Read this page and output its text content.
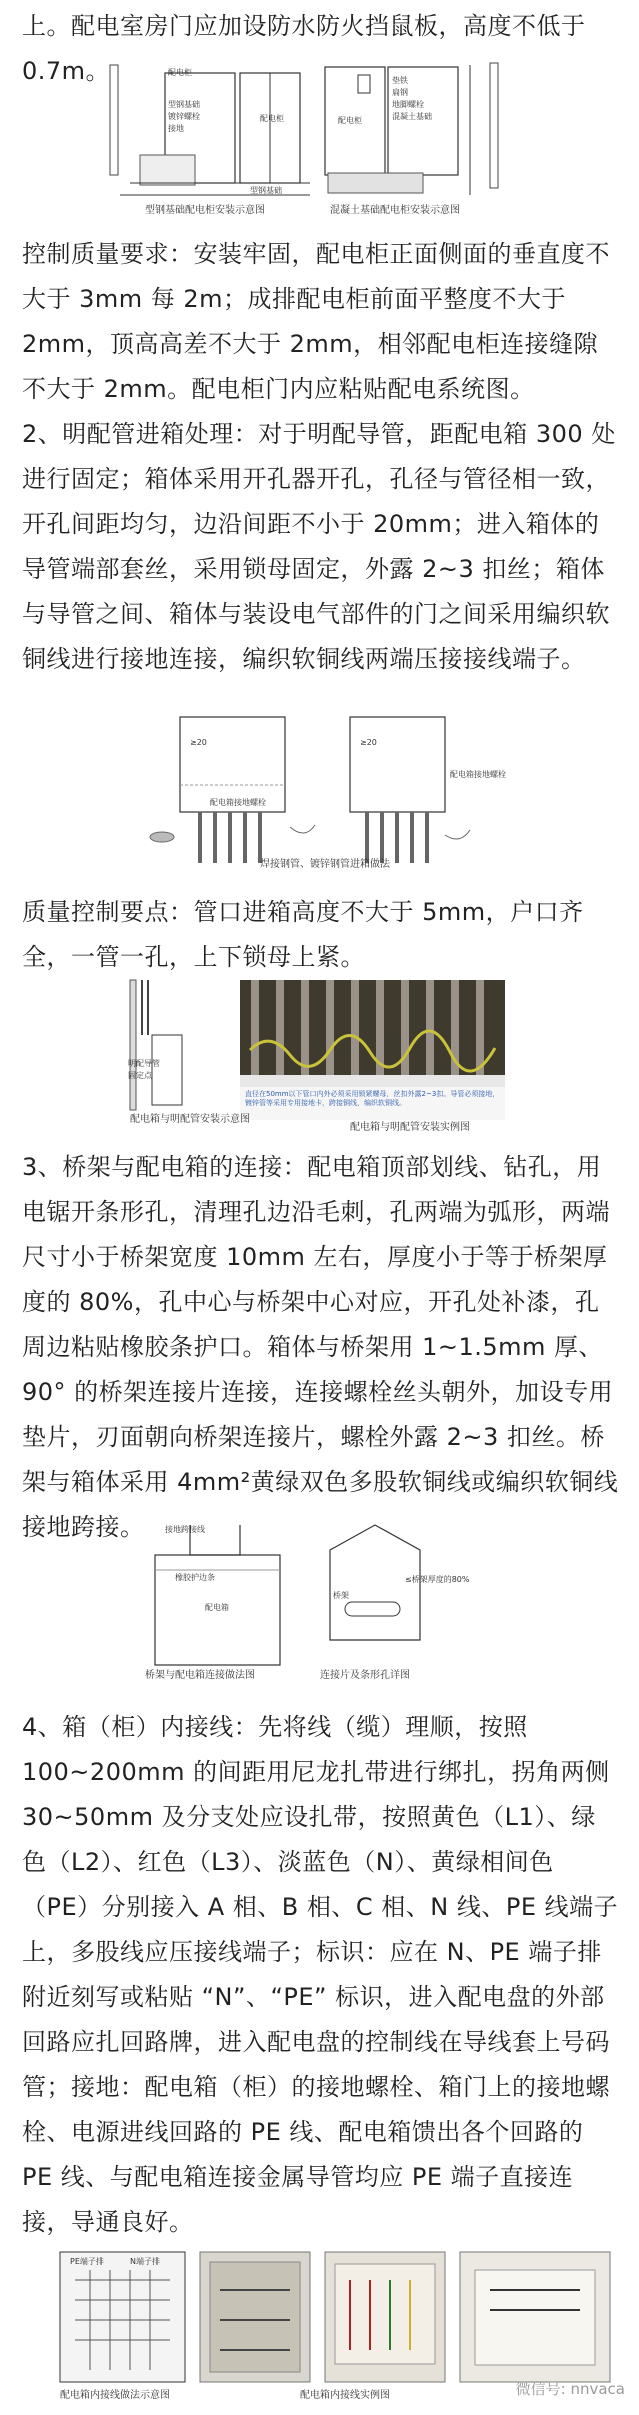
上。配电室房门应加设防水防火挡鼠板，高度不低于 0.7m。	配电柜
型钢基础
镀锌螺栓
接地
配电柜
型钢基础
配电柜
垫铁
扁钢
地脚螺栓
混凝土基础
型钢基础配电柜安装示意图	混凝土基础配电柜安装示意图
控制质量要求：安装牢固，配电柜正面侧面的垂直度不大于 3mm 每 2m；成排配电柜前面平整度不大于 2mm，顶高高差不大于 2mm，相邻配电柜连接缝隙不大于 2mm。配电柜门内应粘贴配电系统图。
2、明配管进箱处理：对于明配导管，距配电箱 300 处进行固定；箱体采用开孔器开孔，孔径与管径相一致，开孔间距均匀，边沿间距不小于 20mm；进入箱体的导管端部套丝，采用锁母固定，外露 2~3 扣丝；箱体与导管之间、箱体与装设电气部件的门之间采用编织软铜线进行接地连接，编织软铜线两端压接接线端子。
≥20
配电箱接地螺栓
≥20
配电箱接地螺栓
焊接钢管、镀锌钢管进箱做法
质量控制要点：管口进箱高度不大于 5mm，户口齐全，一管一孔，上下锁母上紧。
明配导管
固定点
直径在50mm以下管口内外必须采用锁紧螺母，丝扣外露2~3扣。导管必须接地，镀锌管等采用专用接地卡，跨接铜线，编织软铜线。
配电箱与明配管安装示意图
配电箱与明配管安装实例图
3、桥架与配电箱的连接：配电箱顶部划线、钻孔，用电锯开条形孔，清理孔边沿毛刺，孔两端为弧形，两端尺寸小于桥架宽度 10mm 左右，厚度小于等于桥架厚度的 80%，孔中心与桥架中心对应，开孔处补漆，孔周边粘贴橡胶条护口。箱体与桥架用 1~1.5mm 厚、90° 的桥架连接片连接，连接螺栓丝头朝外，加设专用垫片，刃面朝向桥架连接片，螺栓外露 2~3 扣丝。桥架与箱体采用 4mm²黄绿双色多股软铜线或编织软铜线接地跨接。	接地跨接线
橡胶护边条
配电箱
桥架
≤桥架厚度的80%
桥架与配电箱连接做法图	连接片及条形孔详图
4、箱（柜）内接线：先将线（缆）理顺，按照 100~200mm 的间距用尼龙扎带进行绑扎，拐角两侧 30~50mm 及分支处应设扎带，按照黄色（L1）、绿色（L2）、红色（L3）、淡蓝色（N）、黄绿相间色（PE）分别接入 A 相、B 相、C 相、N 线、PE 线端子上，多股线应压接线端子；标识：应在 N、PE 端子排附近刻写或粘贴 “N”、“PE” 标识，进入配电盘的外部回路应扎回路牌，进入配电盘的控制线在导线套上号码管；接地：配电箱（柜）的接地螺栓、箱门上的接地螺栓、电源进线回路的 PE 线、配电箱馈出各个回路的 PE 线、与配电箱连接金属导管均应 PE 端子直接连接，导通良好。
PE端子排	N端子排
配电箱内接线做法示意图	配电箱内接线实例图	微信号: nnvaca
